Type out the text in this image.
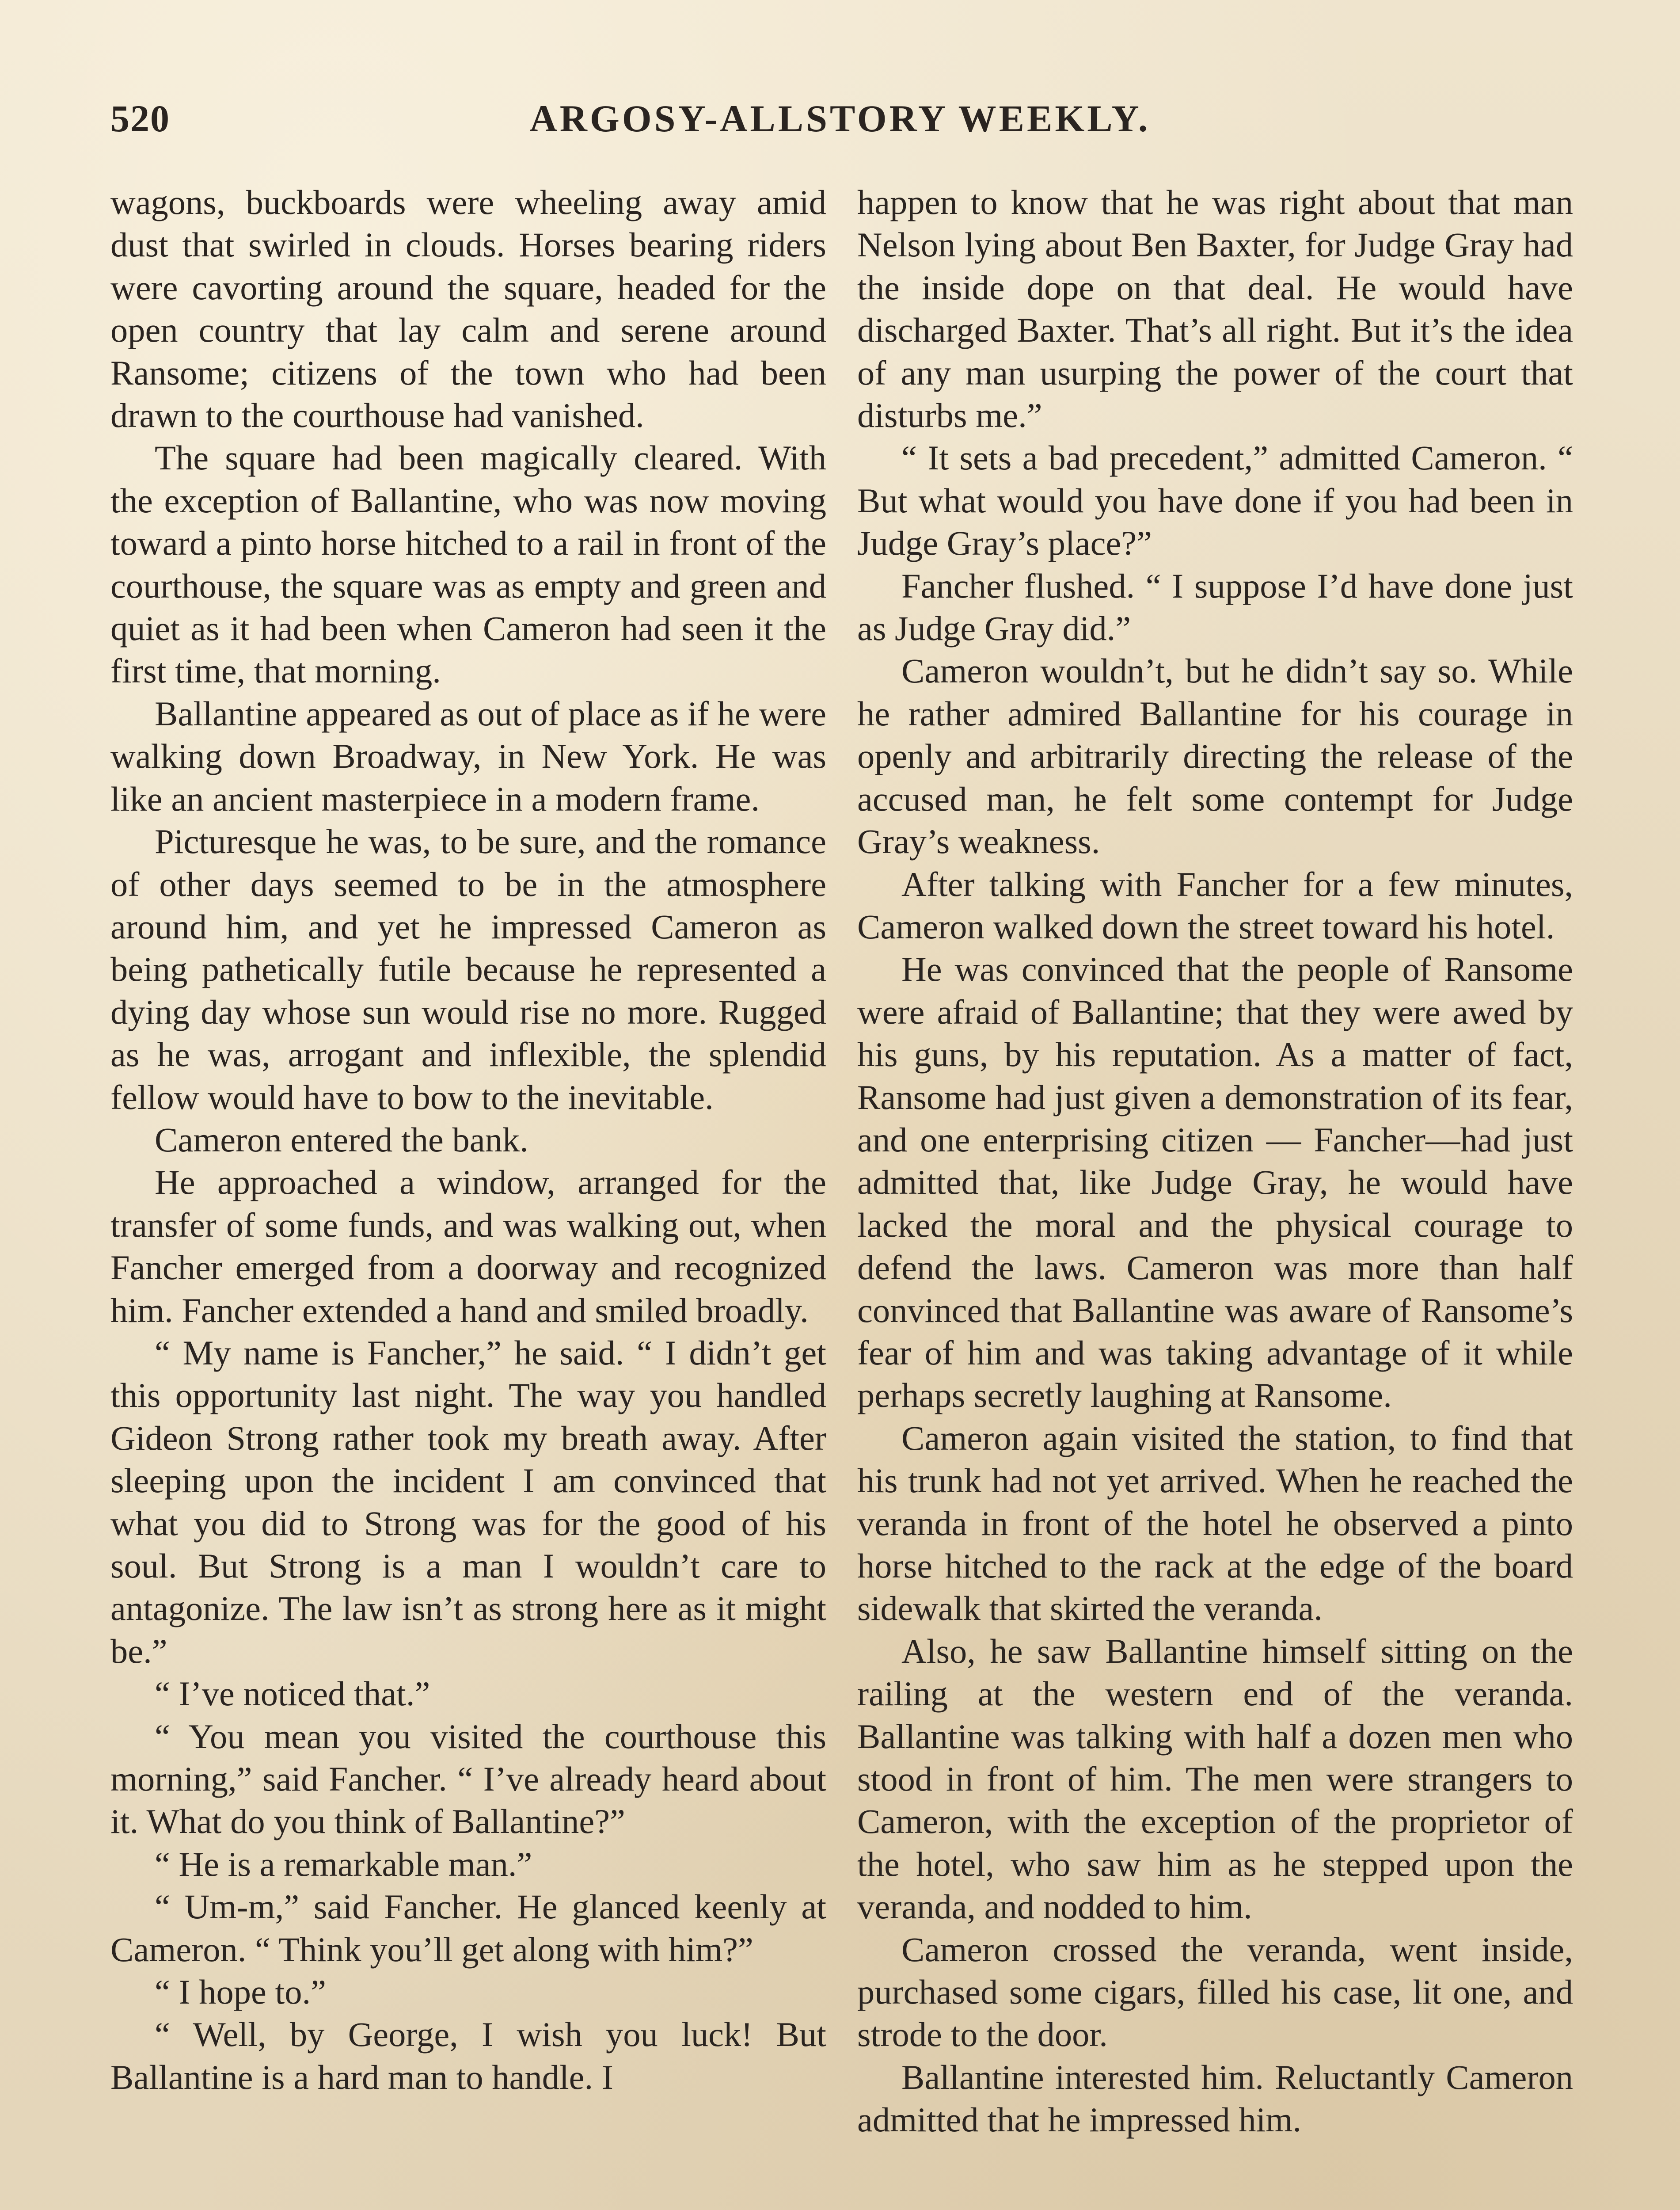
520	ARGOSY-ALLSTORY WEEKLY.

wagons, buckboards were wheeling away amid dust that swirled in clouds. Horses bearing riders were cavorting around the square, headed for the open country that lay calm and serene around Ransome; citizens of the town who had been drawn to the courthouse had vanished.

The square had been magically cleared. With the exception of Ballantine, who was now moving toward a pinto horse hitched to a rail in front of the courthouse, the square was as empty and green and quiet as it had been when Cameron had seen it the first time, that morning.

Ballantine appeared as out of place as if he were walking down Broadway, in New York. He was like an ancient masterpiece in a modern frame.

Picturesque he was, to be sure, and the romance of other days seemed to be in the atmosphere around him, and yet he impressed Cameron as being pathetically futile because he represented a dying day whose sun would rise no more. Rugged as he was, arrogant and inflexible, the splendid fellow would have to bow to the inevitable.

Cameron entered the bank.

He approached a window, arranged for the transfer of some funds, and was walking out, when Fancher emerged from a doorway and recognized him. Fancher extended a hand and smiled broadly.

“ My name is Fancher,” he said. “ I didn’t get this opportunity last night. The way you handled Gideon Strong rather took my breath away. After sleeping upon the incident I am convinced that what you did to Strong was for the good of his soul. But Strong is a man I wouldn’t care to antagonize. The law isn’t as strong here as it might be.”

“ I’ve noticed that.”

“ You mean you visited the courthouse this morning,” said Fancher. “ I’ve already heard about it. What do you think of Ballantine?”

“ He is a remarkable man.”

“ Um-m,” said Fancher. He glanced keenly at Cameron. “ Think you’ll get along with him?”

“ I hope to.”

“ Well, by George, I wish you luck! But Ballantine is a hard man to handle. I

happen to know that he was right about that man Nelson lying about Ben Baxter, for Judge Gray had the inside dope on that deal. He would have discharged Baxter. That’s all right. But it’s the idea of any man usurping the power of the court that disturbs me.”

“ It sets a bad precedent,” admitted Cameron. “ But what would you have done if you had been in Judge Gray’s place?”

Fancher flushed. “ I suppose I’d have done just as Judge Gray did.”

Cameron wouldn’t, but he didn’t say so. While he rather admired Ballantine for his courage in openly and arbitrarily directing the release of the accused man, he felt some contempt for Judge Gray’s weakness.

After talking with Fancher for a few minutes, Cameron walked down the street toward his hotel.

He was convinced that the people of Ransome were afraid of Ballantine; that they were awed by his guns, by his reputation. As a matter of fact, Ransome had just given a demonstration of its fear, and one enterprising citizen — Fancher—had just admitted that, like Judge Gray, he would have lacked the moral and the physical courage to defend the laws. Cameron was more than half convinced that Ballantine was aware of Ransome’s fear of him and was taking advantage of it while perhaps secretly laughing at Ransome.

Cameron again visited the station, to find that his trunk had not yet arrived. When he reached the veranda in front of the hotel he observed a pinto horse hitched to the rack at the edge of the board sidewalk that skirted the veranda.

Also, he saw Ballantine himself sitting on the railing at the western end of the veranda. Ballantine was talking with half a dozen men who stood in front of him. The men were strangers to Cameron, with the exception of the proprietor of the hotel, who saw him as he stepped upon the veranda, and nodded to him.

Cameron crossed the veranda, went inside, purchased some cigars, filled his case, lit one, and strode to the door.

Ballantine interested him. Reluctantly Cameron admitted that he impressed him.
